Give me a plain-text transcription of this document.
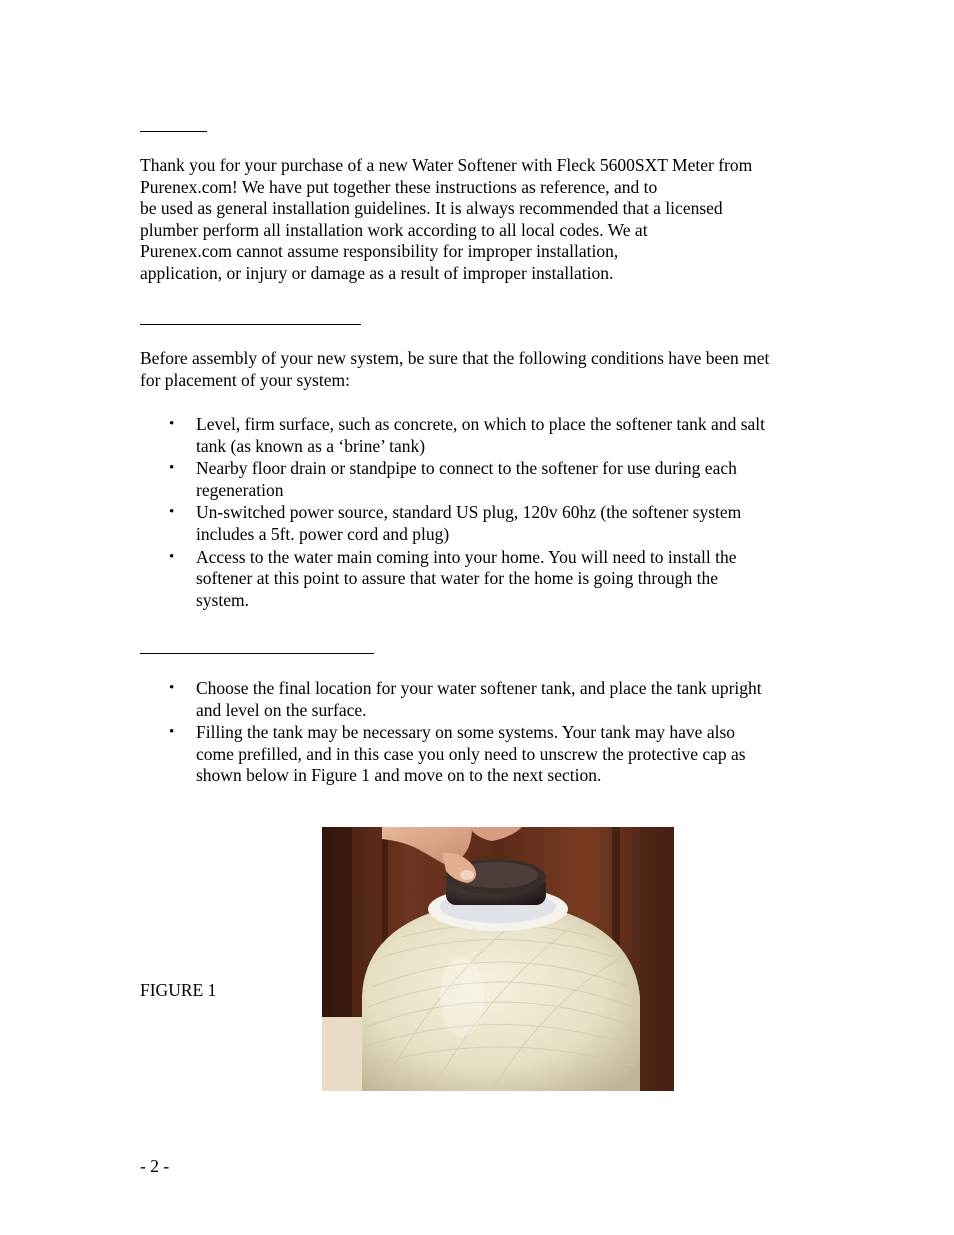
Thank you for your purchase of a new Water Softener with Fleck 5600SXT Meter from
Purenex.com! We have put together these instructions as reference, and to
be used as general installation guidelines. It is always recommended that a licensed
plumber perform all installation work according to all local codes. We at
Purenex.com cannot assume responsibility for improper installation,
application, or injury or damage as a result of improper installation.

Before assembly of your new system, be sure that the following conditions have been met
for placement of your system:

• Level, firm surface, such as concrete, on which to place the softener tank and salt
tank (as known as a ‘brine’ tank)
• Nearby floor drain or standpipe to connect to the softener for use during each
regeneration
• Un-switched power source, standard US plug, 120v 60hz (the softener system
includes a 5ft. power cord and plug)
• Access to the water main coming into your home. You will need to install the
softener at this point to assure that water for the home is going through the
system.
• Choose the final location for your water softener tank, and place the tank upright
and level on the surface.
• Filling the tank may be necessary on some systems. Your tank may have also
come prefilled, and in this case you only need to unscrew the protective cap as
shown below in Figure 1 and move on to the next section.
FIGURE 1
- 2 -
